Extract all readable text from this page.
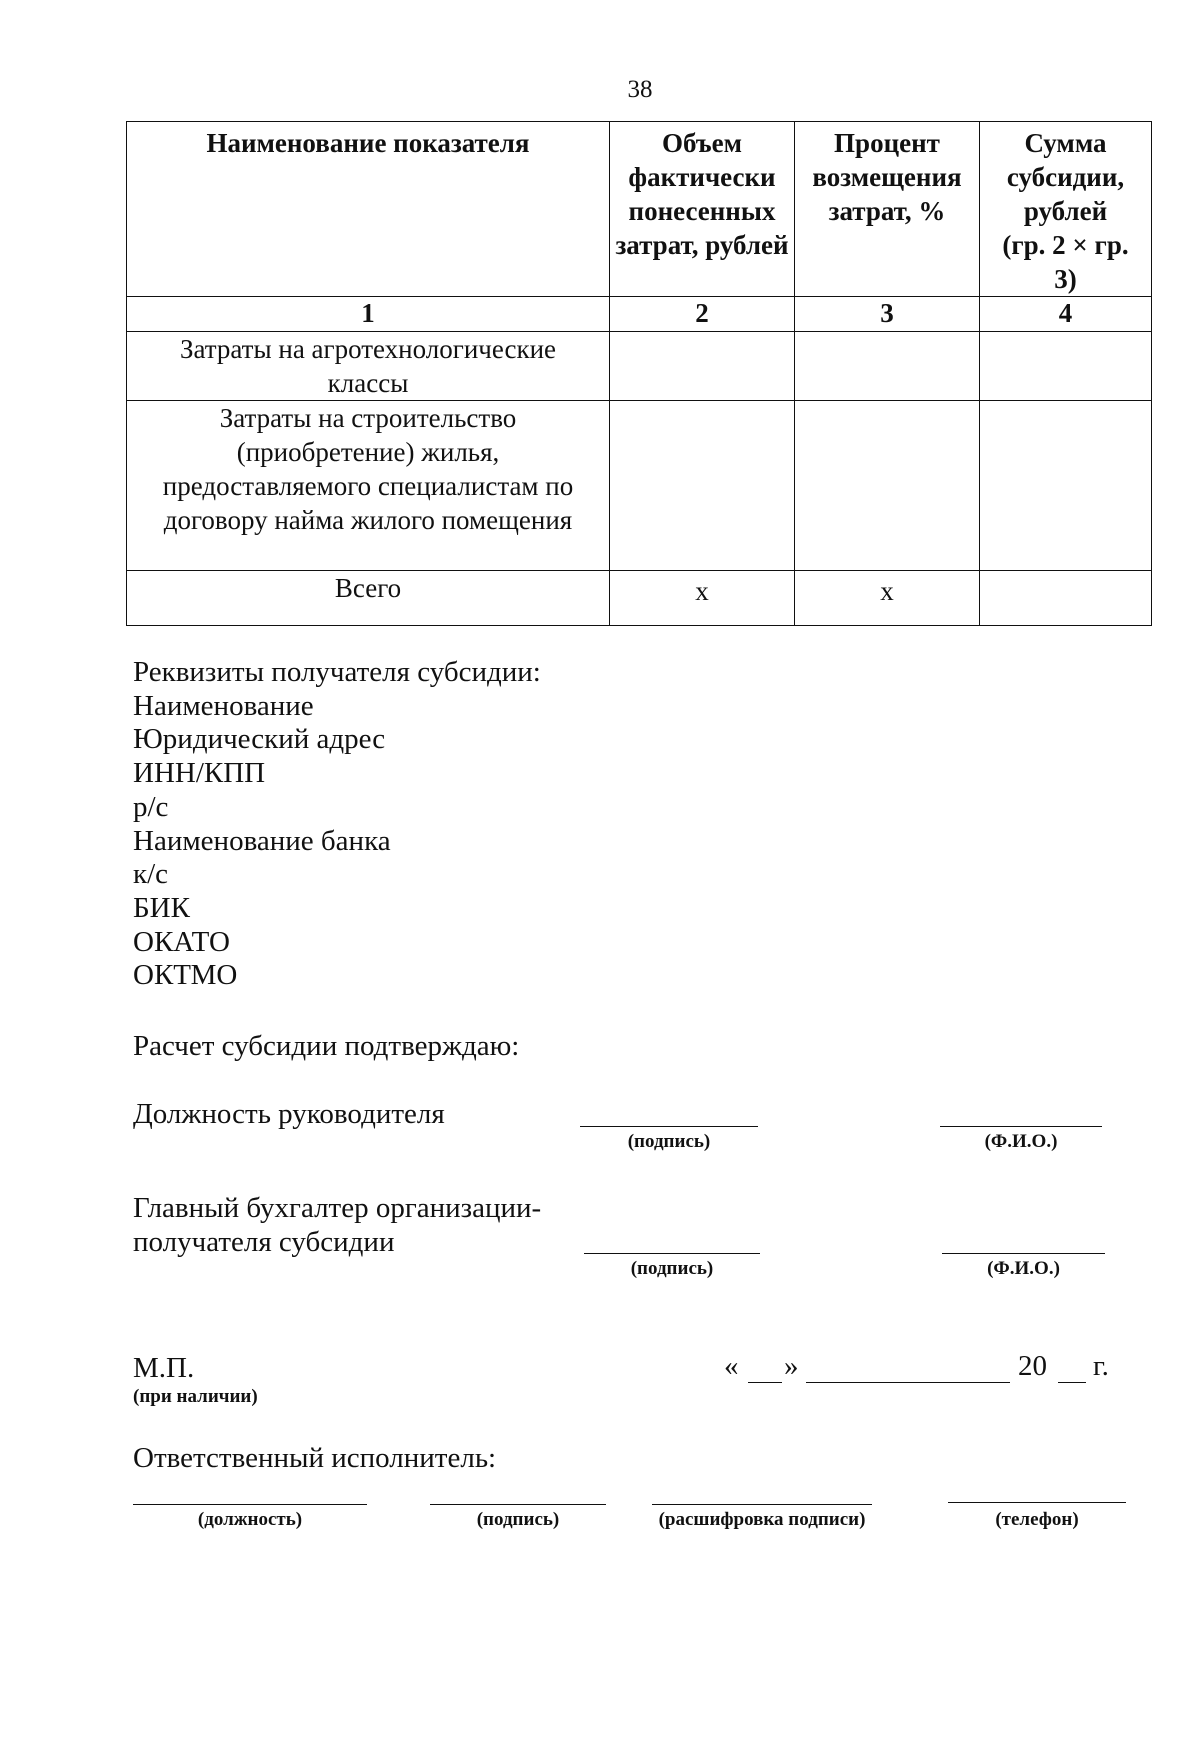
38
Наименование показателя	Объем фактически понесенных затрат, рублей	Процент возмещения затрат, %	Сумма субсидии, рублей (гр. 2 × гр. 3)
1	2	3	4
Затраты на агротехнологические классы			
Затраты на строительство (приобретение) жилья, предоставляемого специалистам по договору найма жилого помещения			
Всего	х	х	
Реквизиты получателя субсидии:
Наименование
Юридический адрес
ИНН/КПП
р/с
Наименование банка
к/с
БИК
ОКАТО
ОКТМО
Расчет субсидии подтверждаю:
Должность руководителя
(подпись)	(Ф.И.О.)
Главный бухгалтер организации-
получателя субсидии
(подпись)	(Ф.И.О.)
М.П.
(при наличии)
« »	20 г.
Ответственный исполнитель:
(должность)	(подпись)	(расшифровка подписи)	(телефон)
